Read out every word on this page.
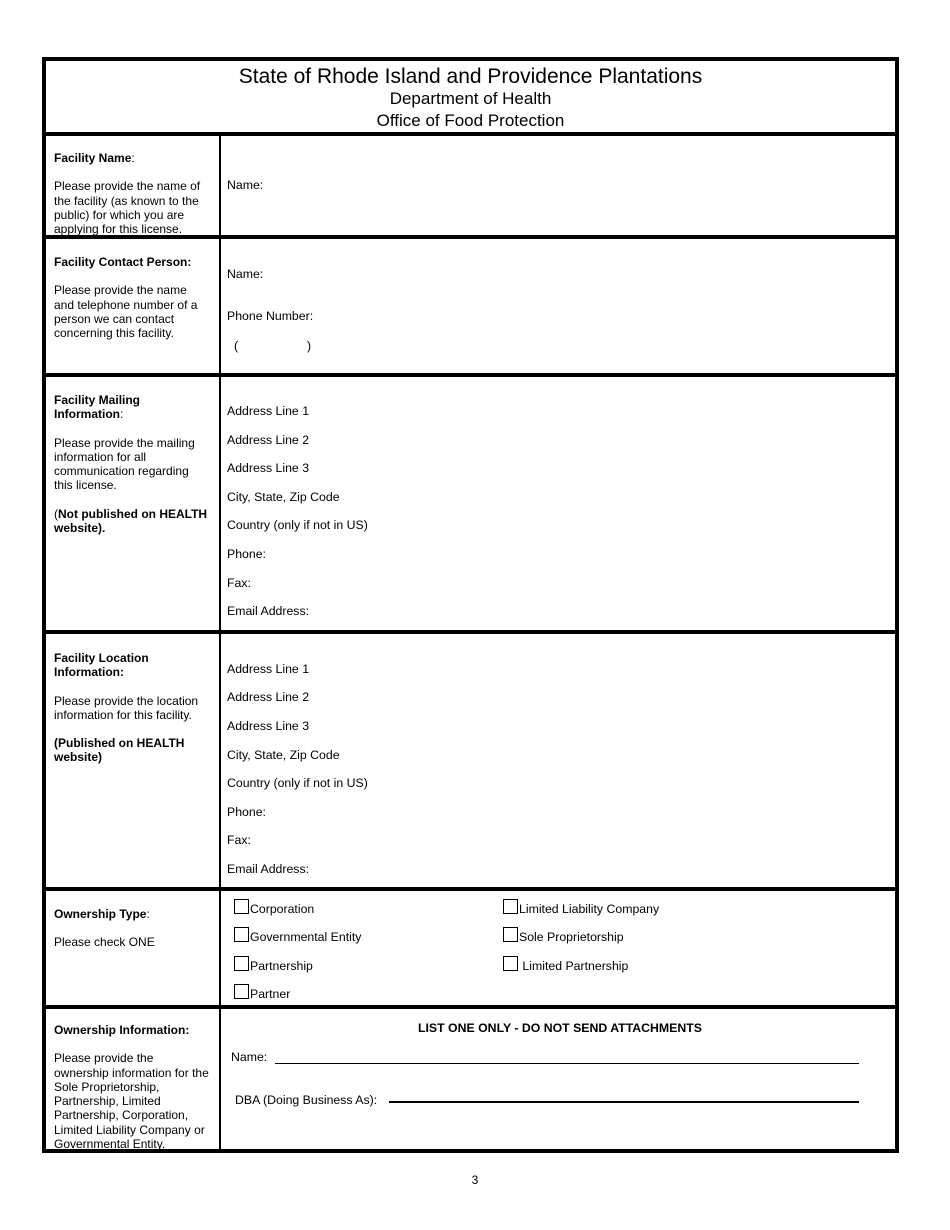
State of Rhode Island and Providence Plantations
Department of Health
Office of Food Protection
Facility Name:
Please provide the name of the facility (as known to the public) for which you are applying for this license.
Name:
Facility Contact Person:
Please provide the name and telephone number of a person we can contact concerning this facility.
Name:
Phone Number:
(	)
Facility Mailing Information:
Please provide the mailing information for all communication regarding this license.
(Not published on HEALTH website).
Address Line 1
Address Line 2
Address Line 3
City, State, Zip Code
Country (only if not in US)
Phone:
Fax:
Email Address:
Facility Location Information:
Please provide the location information for this facility.
(Published on HEALTH website)
Address Line 1
Address Line 2
Address Line 3
City, State, Zip Code
Country (only if not in US)
Phone:
Fax:
Email Address:
Ownership Type:
Please check ONE
Corporation
Governmental Entity
Partnership
Partner
Limited Liability Company
Sole Proprietorship
Limited Partnership
Ownership Information:
Please provide the ownership information for the Sole Proprietorship, Partnership, Limited Partnership, Corporation, Limited Liability Company or Governmental Entity.
LIST ONE ONLY - DO NOT SEND ATTACHMENTS
Name:
DBA (Doing Business As):
3
